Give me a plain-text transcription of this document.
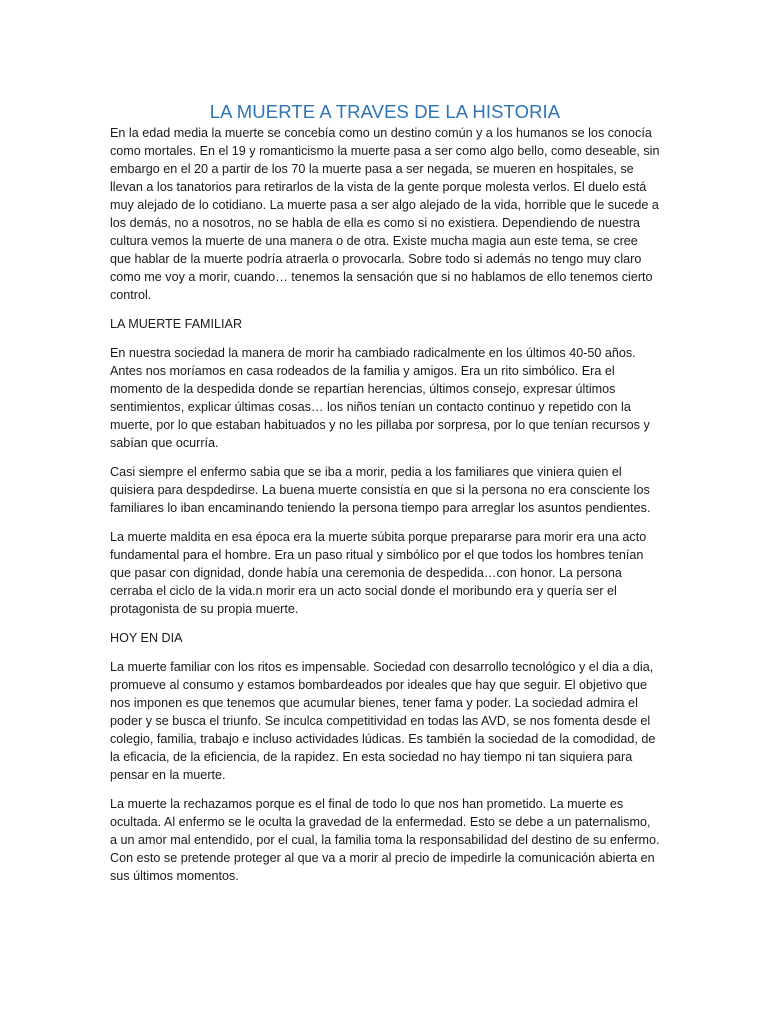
LA MUERTE A TRAVES DE LA HISTORIA

En la edad media la muerte se concebía como un destino común y a los humanos se los conocía como mortales. En el 19 y romanticismo la muerte pasa a ser como algo bello, como deseable, sin embargo en el 20 a partir de los 70 la muerte pasa a ser negada, se mueren en hospitales, se llevan a los tanatorios para retirarlos de la vista de la gente porque molesta verlos. El duelo está muy alejado de lo cotidiano. La muerte pasa a ser algo alejado de la vida, horrible que le sucede a los demás, no a nosotros, no se habla de ella es como si no existiera. Dependiendo de nuestra cultura vemos la muerte de una manera o de otra. Existe mucha magia aun este tema, se cree que hablar de la muerte podría atraerla o provocarla. Sobre todo si además no tengo muy claro como me voy a morir, cuando… tenemos la sensación que si no hablamos de ello tenemos cierto control.

LA MUERTE FAMILIAR

En nuestra sociedad la manera de morir ha cambiado radicalmente en los últimos 40-50 años. Antes nos moríamos en casa rodeados de la familia y amigos. Era un rito simbólico. Era el momento de la despedida donde se repartían herencias, últimos consejo, expresar últimos sentimientos, explicar últimas cosas… los niños tenían un contacto continuo y repetido con la muerte, por lo que estaban habituados y no les pillaba por sorpresa, por lo que tenían recursos y sabían que ocurría.

Casi siempre el enfermo sabia que se iba a morir, pedia a los familiares que viniera quien el quisiera para despdedirse. La buena muerte consistía en que si la persona no era consciente los familiares lo iban encaminando teniendo la persona tiempo para arreglar los asuntos pendientes.

La muerte maldita en esa época era la muerte súbita porque prepararse para morir era una acto fundamental para el hombre. Era un paso ritual y simbólico por el que todos los hombres tenían que pasar con dignidad, donde había una ceremonia de despedida…con honor. La persona cerraba el ciclo de la vida.n morir era un acto social donde el moribundo era y quería ser el protagonista de su propia muerte.

HOY EN DIA

La muerte familiar con los ritos es impensable. Sociedad con desarrollo tecnológico y el dia a dia, promueve al consumo y estamos bombardeados por ideales que hay que seguir. El objetivo que nos imponen es que tenemos que acumular bienes, tener fama y poder. La sociedad admira el poder y se busca el triunfo. Se inculca competitividad en todas las AVD, se nos fomenta desde el colegio, familia, trabajo e incluso actividades lúdicas. Es también la sociedad de la comodidad, de la eficacia, de la eficiencia, de la rapidez. En esta sociedad no hay tiempo ni tan siquiera para pensar en la muerte.

La muerte la rechazamos porque es el final de todo lo que nos han prometido. La muerte es ocultada. Al enfermo se le oculta la gravedad de la enfermedad. Esto se debe a un paternalismo, a un amor mal entendido, por el cual, la familia toma la responsabilidad del destino de su enfermo. Con esto se pretende proteger al que va a morir al precio de impedirle la comunicación abierta en sus últimos momentos.
